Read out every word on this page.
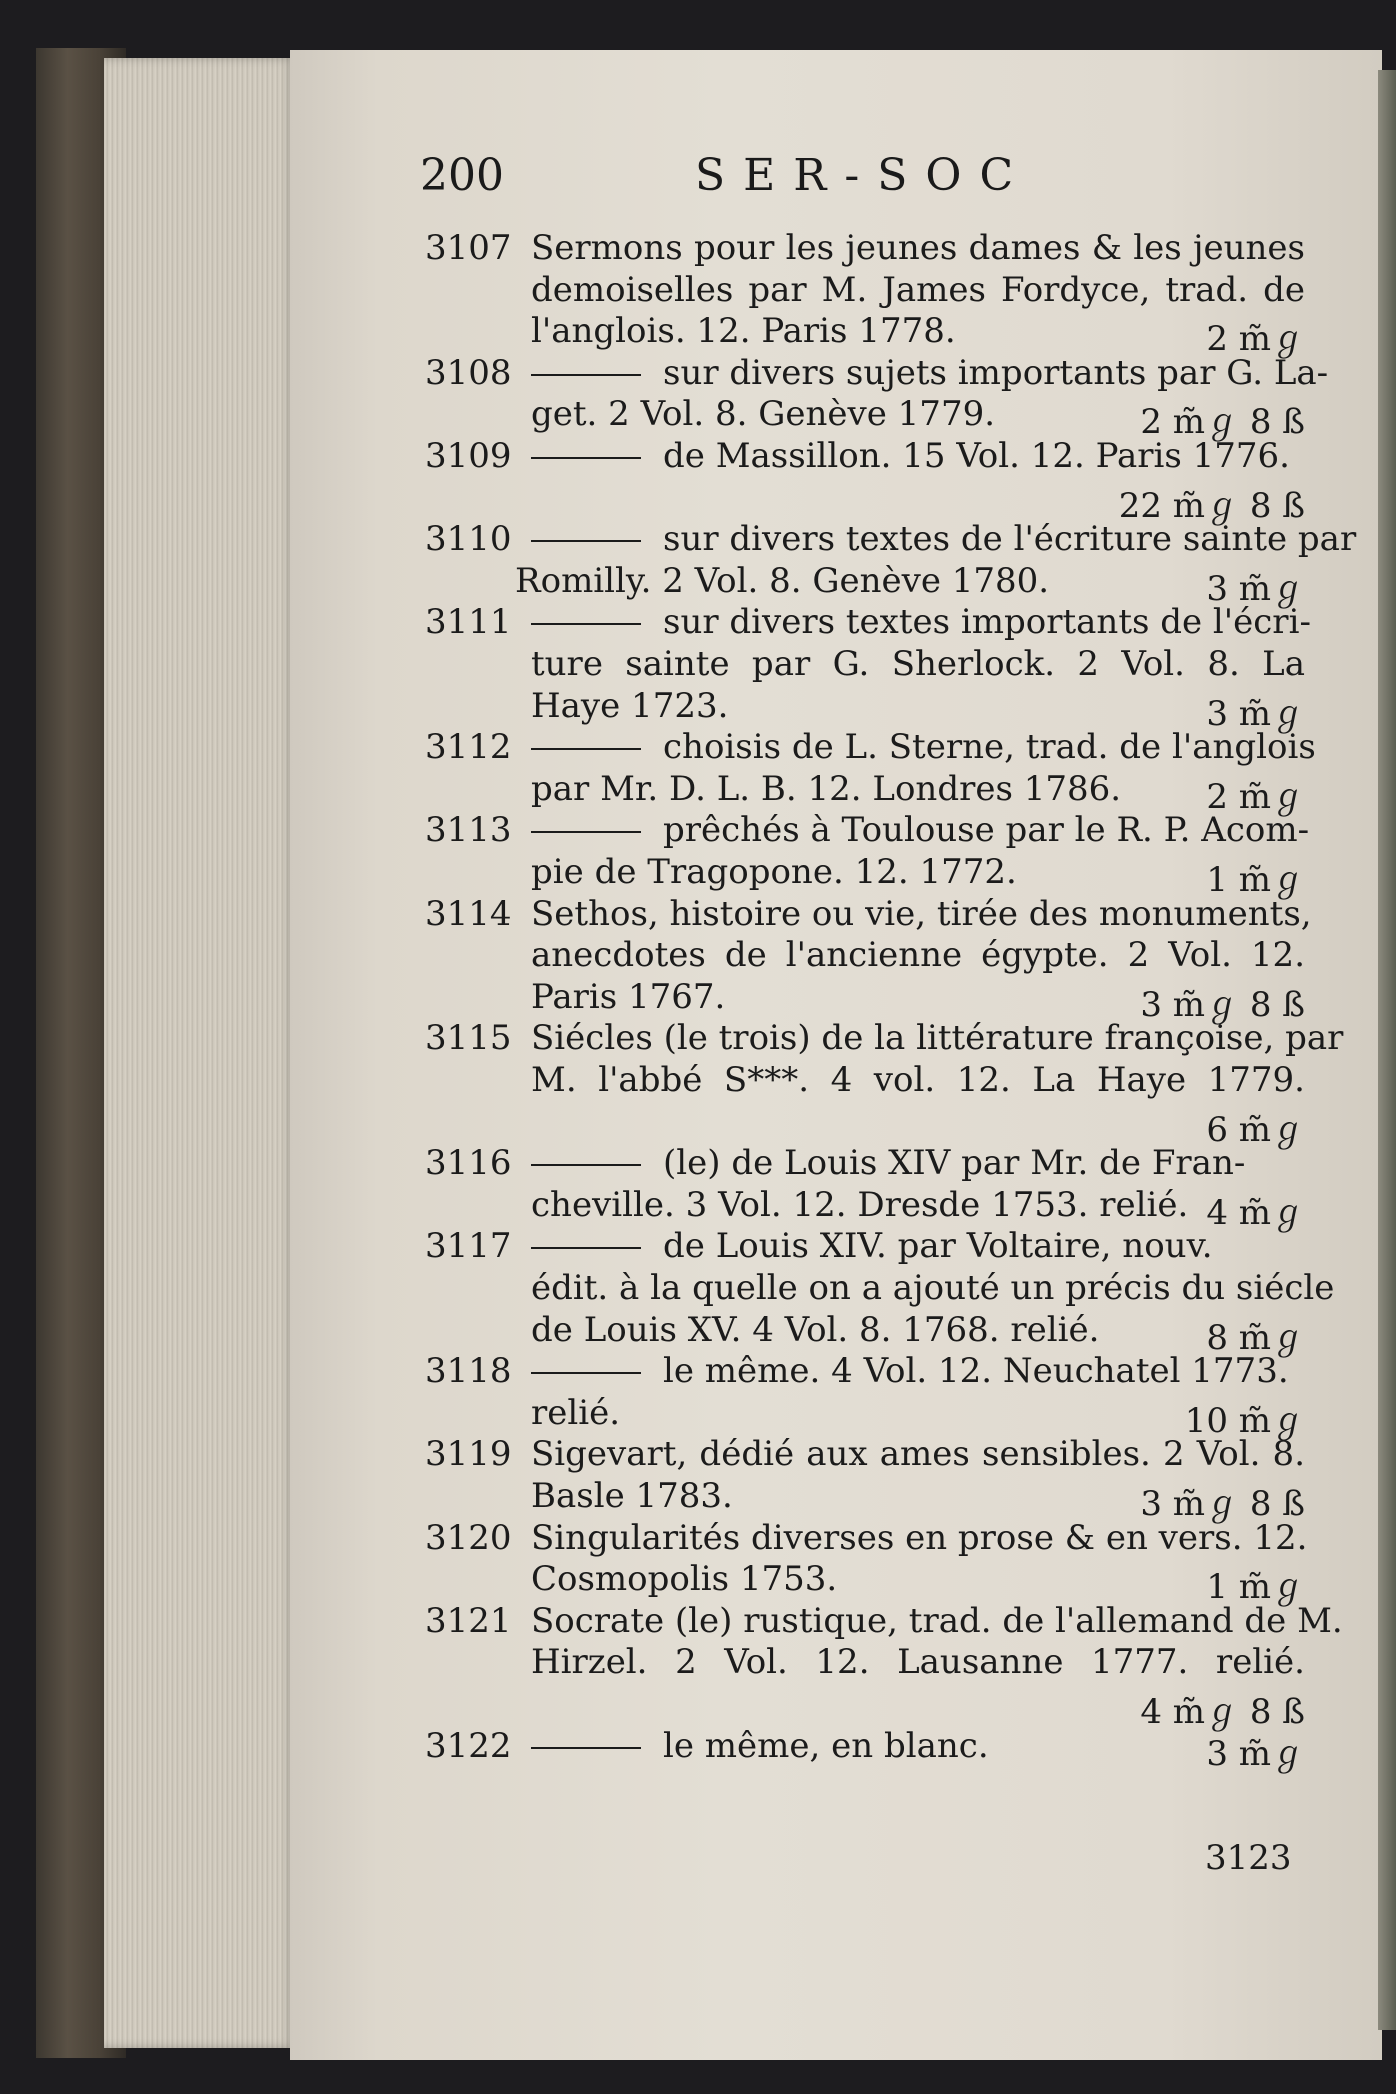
200	SER-SOC
3107 Sermons pour les jeunes dames & les jeunes
demoiselles par M. James Fordyce, trad. de
l'anglois. 12. Paris 1778.	2 m̃ℊ
3108	sur divers sujets importants par G. La-
get. 2 Vol. 8. Genève 1779.	2 m̃ℊ 8 ß
3109	de Massillon. 15 Vol. 12. Paris 1776.
22 m̃ℊ 8 ß
3110	sur divers textes de l'écriture sainte par
Romilly. 2 Vol. 8. Genève 1780.	3 m̃ℊ
3111	sur divers textes importants de l'écri-
ture sainte par G. Sherlock. 2 Vol. 8. La
Haye 1723.	3 m̃ℊ
3112	choisis de L. Sterne, trad. de l'anglois
par Mr. D. L. B. 12. Londres 1786.	2 m̃ℊ
3113	prêchés à Toulouse par le R. P. Acom-
pie de Tragopone. 12. 1772.	1 m̃ℊ
3114 Sethos, histoire ou vie, tirée des monuments,
anecdotes de l'ancienne égypte. 2 Vol. 12.
Paris 1767.	3 m̃ℊ 8 ß
3115 Siécles (le trois) de la littérature françoise, par
M. l'abbé S***. 4 vol. 12. La Haye 1779.
6 m̃ℊ
3116	(le) de Louis XIV par Mr. de Fran-
cheville. 3 Vol. 12. Dresde 1753. relié. 4 m̃ℊ
3117	de Louis XIV. par Voltaire, nouv.
édit. à la quelle on a ajouté un précis du siécle
de Louis XV. 4 Vol. 8. 1768. relié.	8 m̃ℊ
3118	le même. 4 Vol. 12. Neuchatel 1773.
relié.	10 m̃ℊ
3119 Sigevart, dédié aux ames sensibles. 2 Vol. 8.
Basle 1783.	3 m̃ℊ 8 ß
3120 Singularités diverses en prose & en vers. 12.
Cosmopolis 1753.	1 m̃ℊ
3121 Socrate (le) rustique, trad. de l'allemand de M.
Hirzel. 2 Vol. 12. Lausanne 1777. relié.
4 m̃ℊ 8 ß
3122	le même, en blanc.	3 m̃ℊ
3123
